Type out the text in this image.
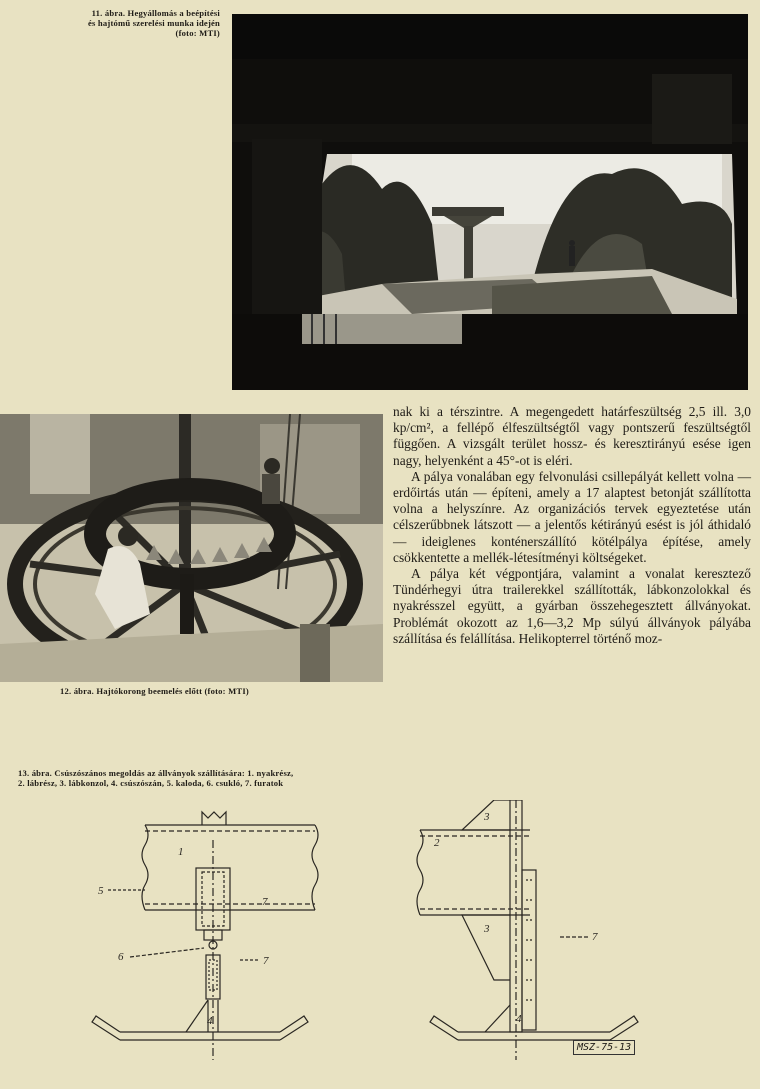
11. ábra. Hegyállomás a beépítési
és hajtómű szerelési munka idején
(foto: MTI)
12. ábra. Hajtókorong beemelés előtt (foto: MTI)

nak ki a térszintre. A megengedett határfeszültség 2,5 ill. 3,0 kp/cm², a fellépő élfeszültségtől vagy pontszerű feszültségtől függően. A vizsgált terület hossz- és keresztirányú esése igen nagy, helyenként a 45°-ot is eléri.

A pálya vonalában egy felvonulási csillepályát kellett volna — erdőirtás után — építeni, amely a 17 alaptest betonját szállította volna a helyszínre. Az organizációs tervek egyeztetése után célszerűbbnek látszott — a jelentős kétirányú esést is jól áthidaló — ideiglenes konténerszállító kötélpálya építése, amely csökkentette a mellék-létesítményi költségeket.

A pálya két végpontjára, valamint a vonalat keresztező Tündérhegyi útra trailerekkel szállították, lábkonzolokkal és nyakrésszel együtt, a gyárban összehegesztett állványokat. Problémát okozott az 1,6—3,2 Mp súlyú állványok pályába szállítása és felállítása. Helikopterrel történő moz-

13. ábra. Csúszószános megoldás az állványok szállítására: 1. nyakrész,
2. lábrész, 3. lábkonzol, 4. csúszószán, 5. kaloda, 6. csukló, 7. furatok
1
5
7
6	7
4
3
2
3
7
4
MSZ-75-13
